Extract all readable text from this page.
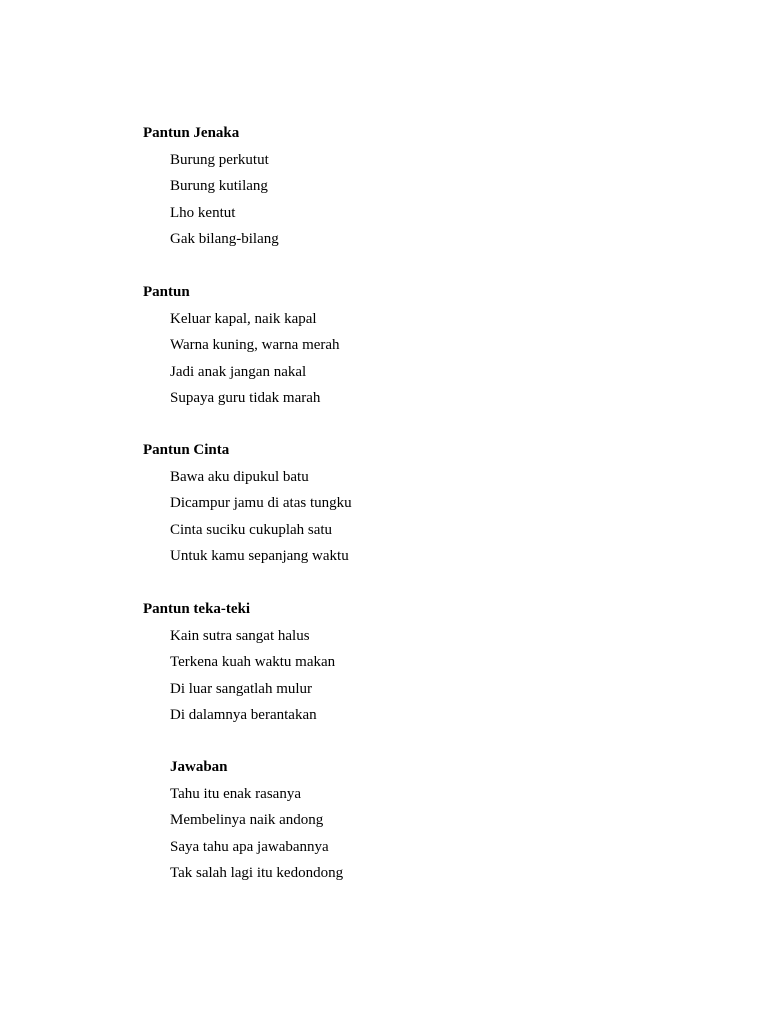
Pantun Jenaka
Burung perkutut
Burung kutilang
Lho kentut
Gak bilang-bilang
Pantun
Keluar kapal, naik kapal
Warna kuning, warna merah
Jadi anak jangan nakal
Supaya guru tidak marah
Pantun Cinta
Bawa aku dipukul batu
Dicampur jamu di atas tungku
Cinta suciku cukuplah satu
Untuk kamu sepanjang waktu
Pantun teka-teki
Kain sutra sangat halus
Terkena kuah waktu makan
Di luar sangatlah mulur
Di dalamnya berantakan
Jawaban
Tahu itu enak rasanya
Membelinya naik andong
Saya tahu apa jawabannya
Tak salah lagi itu kedondong
